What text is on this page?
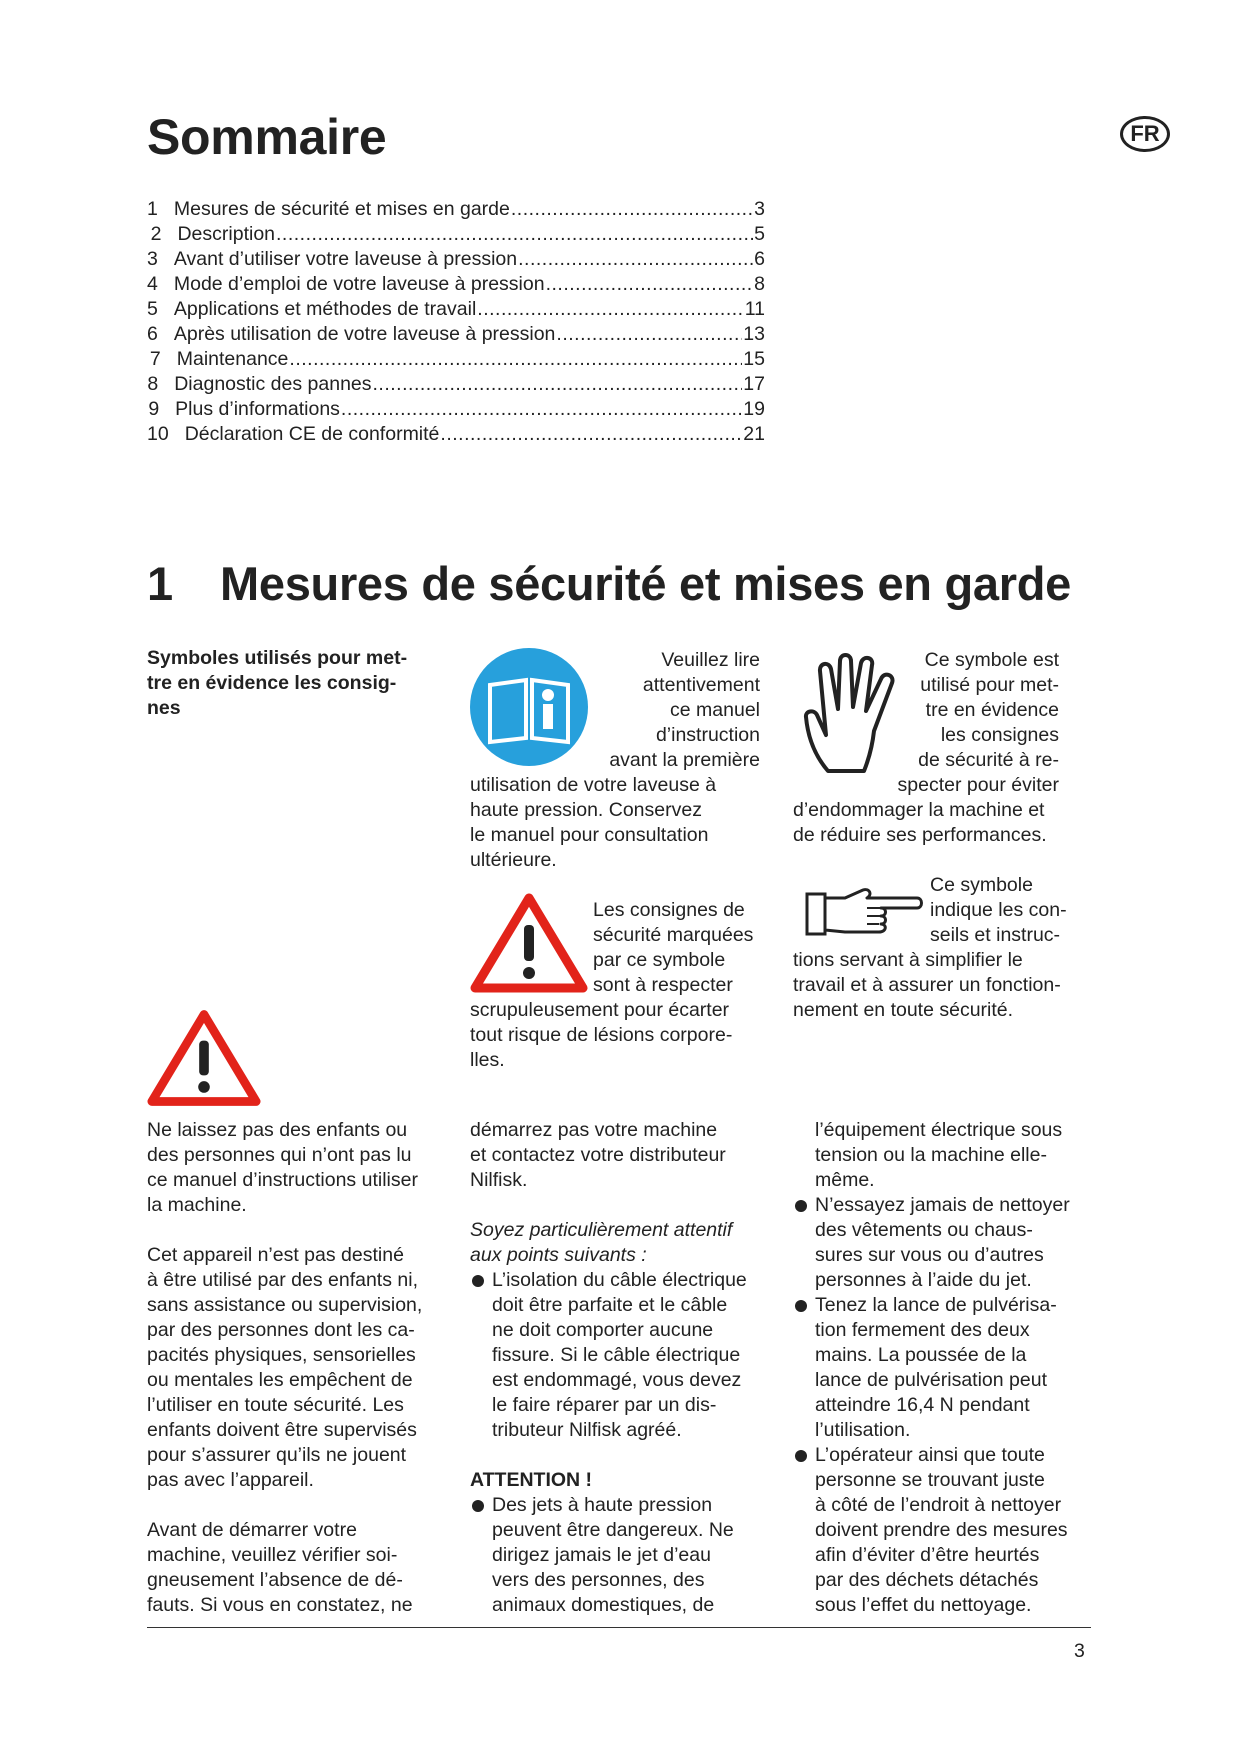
Sommaire	FR
1 Mesures de sécurité et mises en garde .....	3
2 Description .....	5
3 Avant d’utiliser votre laveuse à pression .....	6
4 Mode d’emploi de votre laveuse à pression .....	8
5 Applications et méthodes de travail .....	11
6 Après utilisation de votre laveuse à pression .....	13
7 Maintenance .....	15
8 Diagnostic des pannes .....	17
9 Plus d’informations .....	19
10 Déclaration CE de conformité .....	21
1 Mesures de sécurité et mises en garde
Symboles utilisés pour met-
tre en évidence les consig-
nes
Veuillez lire
attentivement
ce manuel
d’instruction
avant la première
utilisation de votre laveuse à
haute pression. Conservez
le manuel pour consultation
ultérieure.
Ce symbole est
utilisé pour met-
tre en évidence
les consignes
de sécurité à re-
specter pour éviter
d’endommager la machine et
de réduire ses performances.
Les consignes de
sécurité marquées
par ce symbole
sont à respecter
scrupuleusement pour écarter
tout risque de lésions corpore-
lles.
Ce symbole
indique les con-
seils et instruc-
tions servant à simplifier le
travail et à assurer un fonction-
nement en toute sécurité.
Ne laissez pas des enfants ou
des personnes qui n’ont pas lu
ce manuel d’instructions utiliser
la machine.
Cet appareil n’est pas destiné
à être utilisé par des enfants ni,
sans assistance ou supervision,
par des personnes dont les ca-
pacités physiques, sensorielles
ou mentales les empêchent de
l’utiliser en toute sécurité. Les
enfants doivent être supervisés
pour s’assurer qu’ils ne jouent
pas avec l’appareil.
Avant de démarrer votre
machine, veuillez vérifier soi-
gneusement l’absence de dé-
fauts. Si vous en constatez, ne
démarrez pas votre machine
et contactez votre distributeur
Nilfisk.
Soyez particulièrement attentif
aux points suivants :
L’isolation du câble électrique
doit être parfaite et le câble
ne doit comporter aucune
fissure. Si le câble électrique
est endommagé, vous devez
le faire réparer par un dis-
tributeur Nilfisk agréé.
ATTENTION !
Des jets à haute pression
peuvent être dangereux. Ne
dirigez jamais le jet d’eau
vers des personnes, des
animaux domestiques, de
l’équipement électrique sous
tension ou la machine elle-
même.
N’essayez jamais de nettoyer
des vêtements ou chaus-
sures sur vous ou d’autres
personnes à l’aide du jet.
Tenez la lance de pulvérisa-
tion fermement des deux
mains. La poussée de la
lance de pulvérisation peut
atteindre 16,4 N pendant
l’utilisation.
L’opérateur ainsi que toute
personne se trouvant juste
à côté de l’endroit à nettoyer
doivent prendre des mesures
afin d’éviter d’être heurtés
par des déchets détachés
sous l’effet du nettoyage.
3
